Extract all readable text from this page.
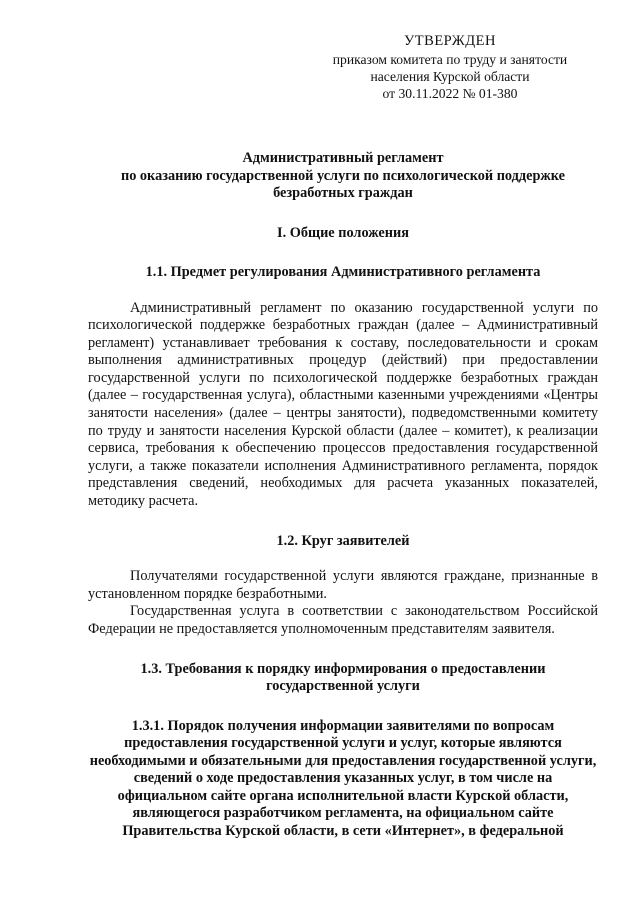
УТВЕРЖДЕН
приказом комитета по труду и занятости
населения Курской области
от 30.11.2022 № 01-380
Административный регламент
по оказанию государственной услуги по психологической поддержке
безработных граждан
I. Общие положения
1.1. Предмет регулирования Административного регламента

Административный регламент по оказанию государственной услуги по психологической поддержке безработных граждан (далее – Административный регламент) устанавливает требования к составу, последовательности и срокам выполнения административных процедур (действий) при предоставлении государственной услуги по психологической поддержке безработных граждан (далее – государственная услуга), областными казенными учреждениями «Центры занятости населения» (далее – центры занятости), подведомственными комитету по труду и занятости населения Курской области (далее – комитет), к реализации сервиса, требования к обеспечению процессов предоставления государственной услуги, а также показатели исполнения Административного регламента, порядок представления сведений, необходимых для расчета указанных показателей, методику расчета.

1.2. Круг заявителей

Получателями государственной услуги являются граждане, признанные в установленном порядке безработными.

Государственная услуга в соответствии с законодательством Российской Федерации не предоставляется уполномоченным представителям заявителя.

1.3. Требования к порядку информирования о предоставлении
государственной услуги
1.3.1. Порядок получения информации заявителями по вопросам предоставления государственной услуги и услуг, которые являются необходимыми и обязательными для предоставления государственной услуги, сведений о ходе предоставления указанных услуг, в том числе на официальном сайте органа исполнительной власти Курской области, являющегося разработчиком регламента, на официальном сайте Правительства Курской области, в сети «Интернет», в федеральной
